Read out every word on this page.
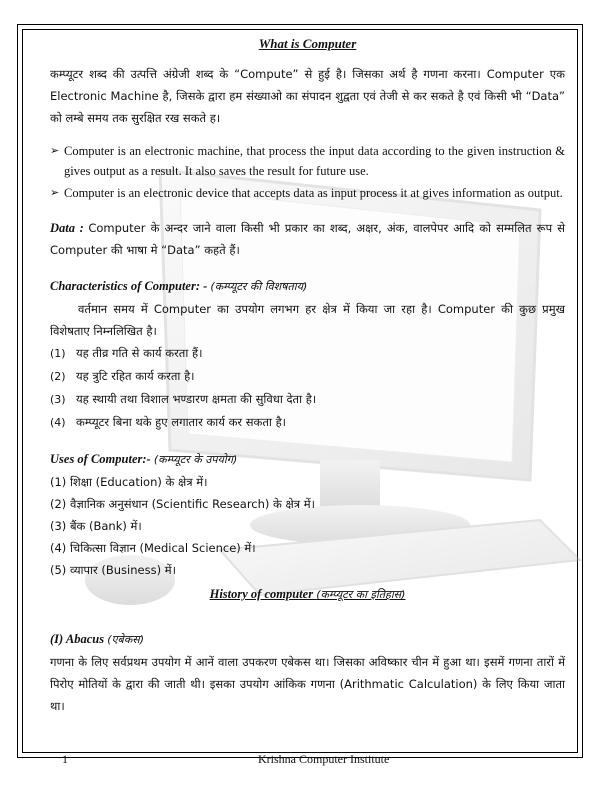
What is Computer

कम्प्यूटर शब्द की उत्पत्ति अंग्रेजी शब्द के “Compute” से हुई है। जिसका अर्थ है गणना करना। Computer एक Electronic Machine है, जिसके द्वारा हम संख्याओ का संपादन शुद्वता एवं तेजी से कर सकते है एवं किसी भी “Data” को लम्बे समय तक सुरक्षित रख सकते ह।

➢ Computer is an electronic machine, that process the input data according to the given instruction & gives output as a result. It also saves the result for future use.
➢ Computer is an electronic device that accepts data as input process it at gives information as output.

Data : Computer के अन्दर जाने वाला किसी भी प्रकार का शब्द, अक्षर, अंक, वालपेपर आदि को सम्मलित रूप से Computer की भाषा मे “Data” कहते हैं।

Characteristics of Computer: - (कम्प्यूटर की विशषताय)

वर्तमान समय में Computer का उपयोग लगभग हर क्षेत्र में किया जा रहा है। Computer की कुछ प्रमुख विशेषताए निम्नलिखित है।

(1) यह तीव्र गति से कार्य करता हैं।
(2) यह त्रुटि रहित कार्य करता है।
(3) यह स्थायी तथा विशाल भण्डारण क्षमता की सुविधा देता है।
(4) कम्प्यूटर बिना थके हुए लगातार कार्य कर सकता है।
Uses of Computer:- (कम्प्यूटर के उपयोग)
(1) शिक्षा (Education) के क्षेत्र में।
(2) वैज्ञानिक अनुसंधान (Scientific Research) के क्षेत्र में।
(3) बैंक (Bank) में।
(4) चिकित्सा विज्ञान (Medical Science) में।
(5) व्यापार (Business) में।
History of computer (कम्प्यूटर का इतिहास)
(I) Abacus (एबेकस)

गणना के लिए सर्वप्रथम उपयोग में आनें वाला उपकरण एबेकस था। जिसका अविष्कार चीन में हुआ था। इसमें गणना तारों में पिरोए मोतियों के द्वारा की जाती थी। इसका उपयोग आंकिक गणना (Arithmatic Calculation) के लिए किया जाता था।

1	Krishna Computer Institute
